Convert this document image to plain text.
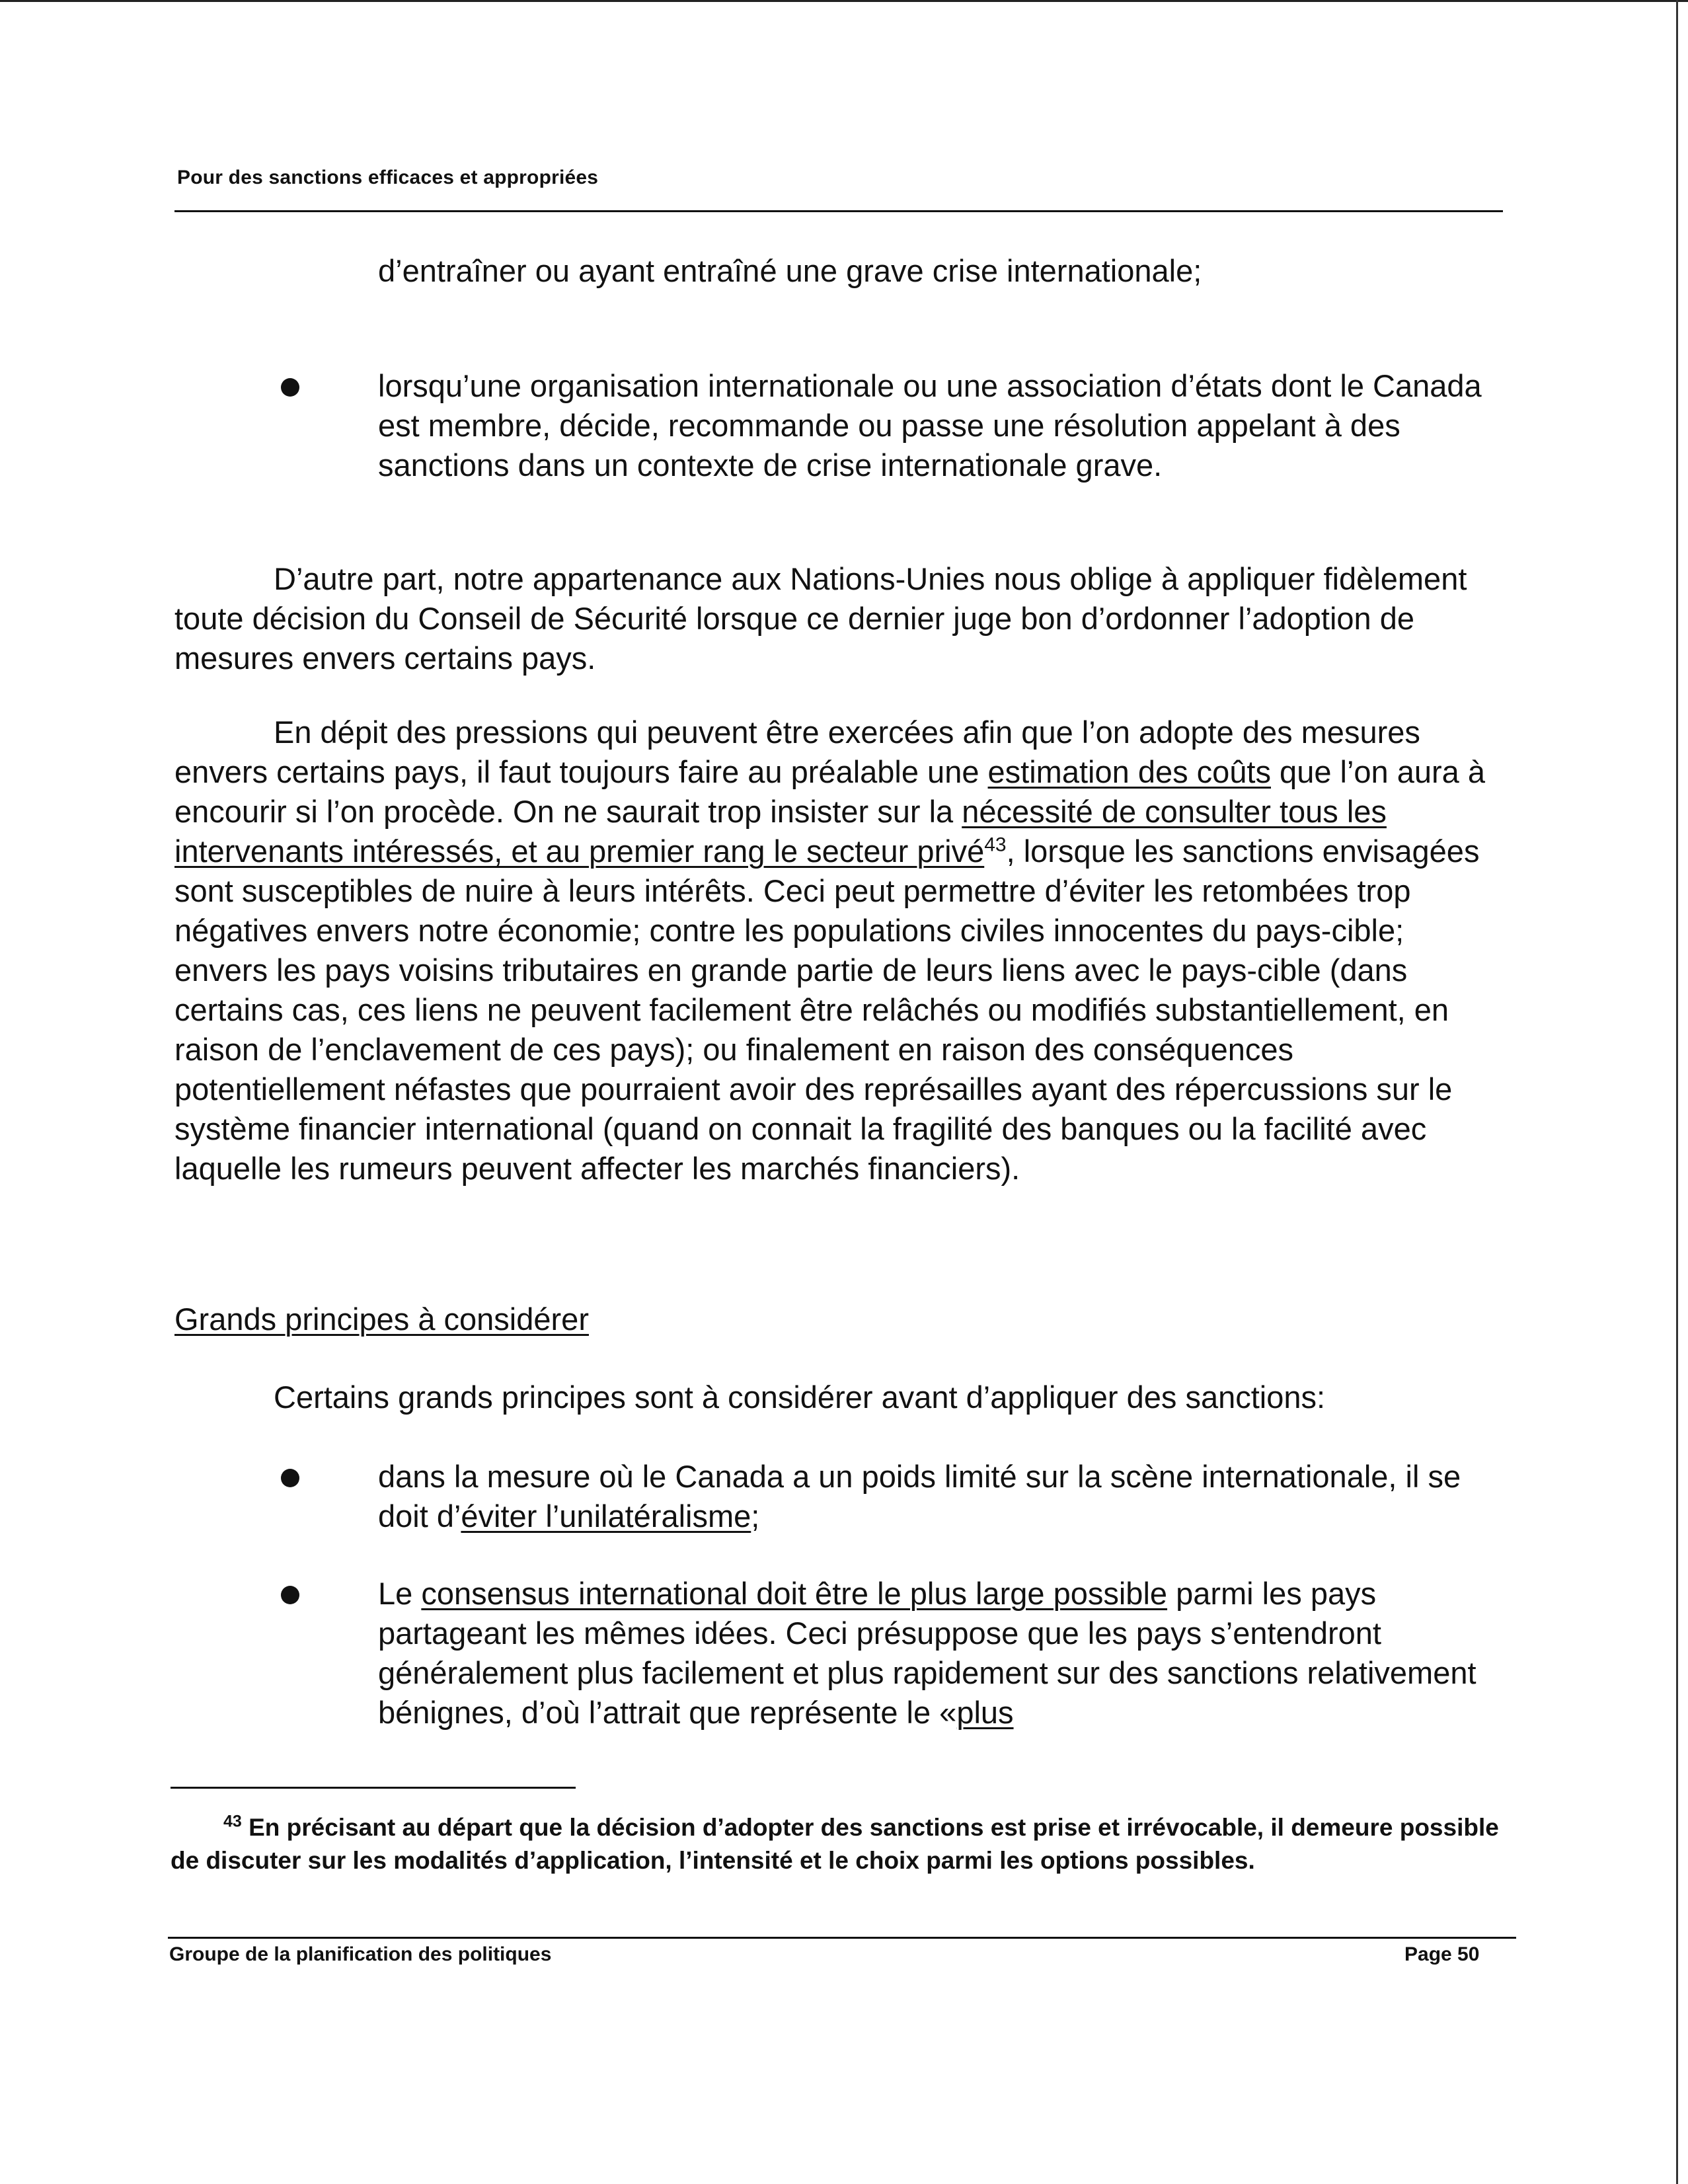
Pour des sanctions efficaces et appropriées
d’entraîner ou ayant entraîné une grave crise internationale;
lorsqu’une organisation internationale ou une association d’états dont le Canada est membre, décide, recommande ou passe une résolution appelant à des sanctions dans un contexte de crise internationale grave.

D’autre part, notre appartenance aux Nations-Unies nous oblige à appliquer fidèlement toute décision du Conseil de Sécurité lorsque ce dernier juge bon d’ordonner l’adoption de mesures envers certains pays.

En dépit des pressions qui peuvent être exercées afin que l’on adopte des mesures envers certains pays, il faut toujours faire au préalable une estimation des coûts que l’on aura à encourir si l’on procède. On ne saurait trop insister sur la nécessité de consulter tous les intervenants intéressés, et au premier rang le secteur privé$^{43}$, lorsque les sanctions envisagées sont susceptibles de nuire à leurs intérêts. Ceci peut permettre d’éviter les retombées trop négatives envers notre économie; contre les populations civiles innocentes du pays-cible; envers les pays voisins tributaires en grande partie de leurs liens avec le pays-cible (dans certains cas, ces liens ne peuvent facilement être relâchés ou modifiés substantiellement, en raison de l’enclavement de ces pays); ou finalement en raison des conséquences potentiellement néfastes que pourraient avoir des représailles ayant des répercussions sur le système financier international (quand on connait la fragilité des banques ou la facilité avec laquelle les rumeurs peuvent affecter les marchés financiers).

Grands principes à considérer

Certains grands principes sont à considérer avant d’appliquer des sanctions:

dans la mesure où le Canada a un poids limité sur la scène internationale, il se doit d’éviter l’unilatéralisme;
Le consensus international doit être le plus large possible parmi les pays partageant les mêmes idées. Ceci présuppose que les pays s’entendront généralement plus facilement et plus rapidement sur des sanctions relativement bénignes, d’où l’attrait que représente le «plus

$^{43}$ En précisant au départ que la décision d’adopter des sanctions est prise et irrévocable, il demeure possible de discuter sur les modalités d’application, l’intensité et le choix parmi les options possibles.

Groupe de la planification des politiques	Page 50
